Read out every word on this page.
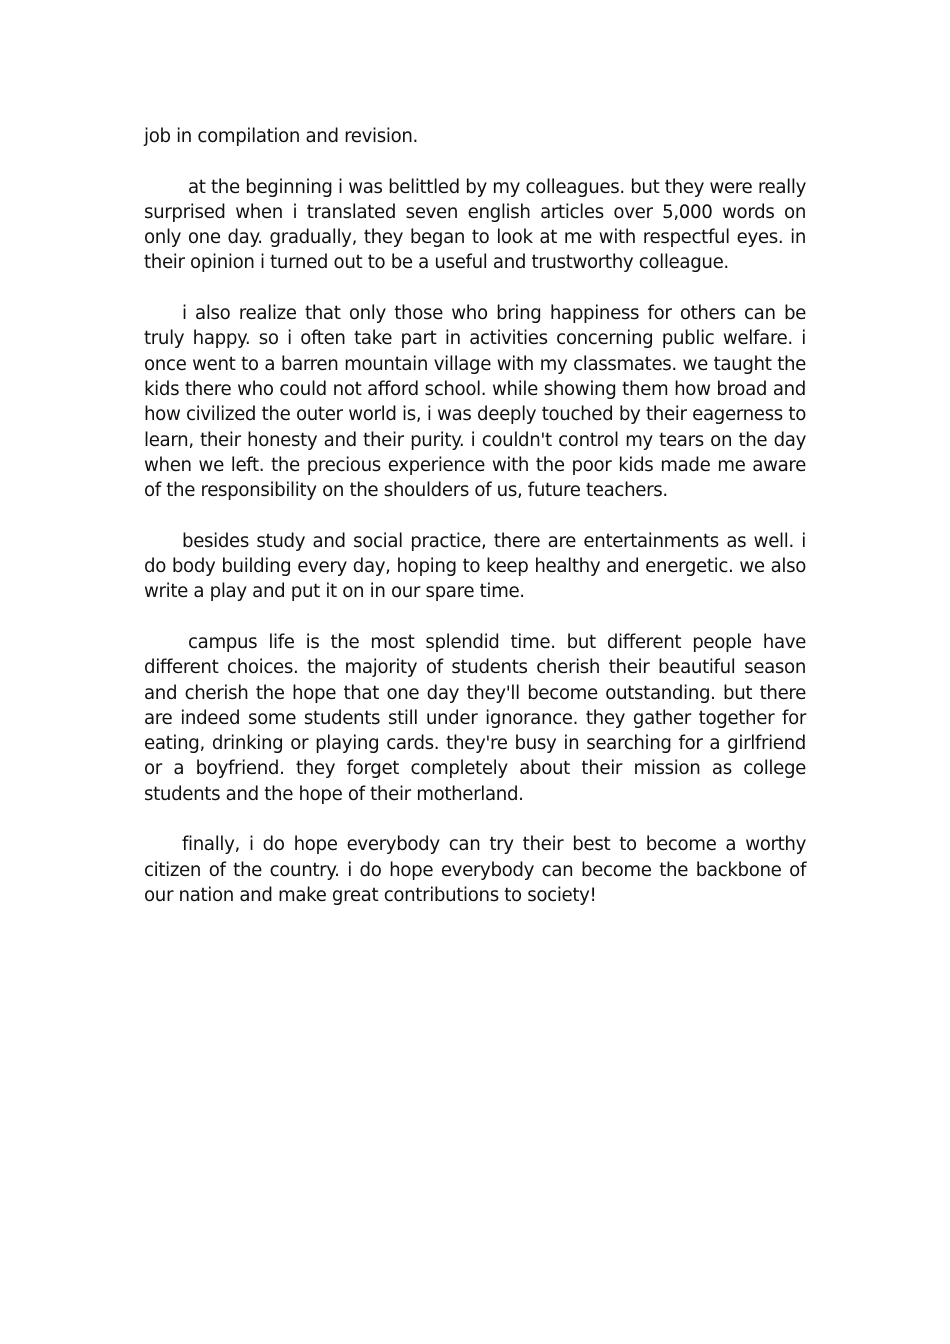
job in compilation and revision.

at the beginning i was belittled by my colleagues. but they were really surprised when i translated seven english articles over 5,000 words on only one day. gradually, they began to look at me with respectful eyes. in their opinion i turned out to be a useful and trustworthy colleague.

i also realize that only those who bring happiness for others can be truly happy. so i often take part in activities concerning public welfare. i once went to a barren mountain village with my classmates. we taught the kids there who could not afford school. while showing them how broad and how civilized the outer world is, i was deeply touched by their eagerness to learn, their honesty and their purity. i couldn't control my tears on the day when we left. the precious experience with the poor kids made me aware of the responsibility on the shoulders of us, future teachers.

besides study and social practice, there are entertainments as well. i do body building every day, hoping to keep healthy and energetic. we also write a play and put it on in our spare time.

campus life is the most splendid time. but different people have different choices. the majority of students cherish their beautiful season and cherish the hope that one day they'll become outstanding. but there are indeed some students still under ignorance. they gather together for eating, drinking or playing cards. they're busy in searching for a girlfriend or a boyfriend. they forget completely about their mission as college students and the hope of their motherland.

finally, i do hope everybody can try their best to become a worthy citizen of the country. i do hope everybody can become the backbone of our nation and make great contributions to society!
